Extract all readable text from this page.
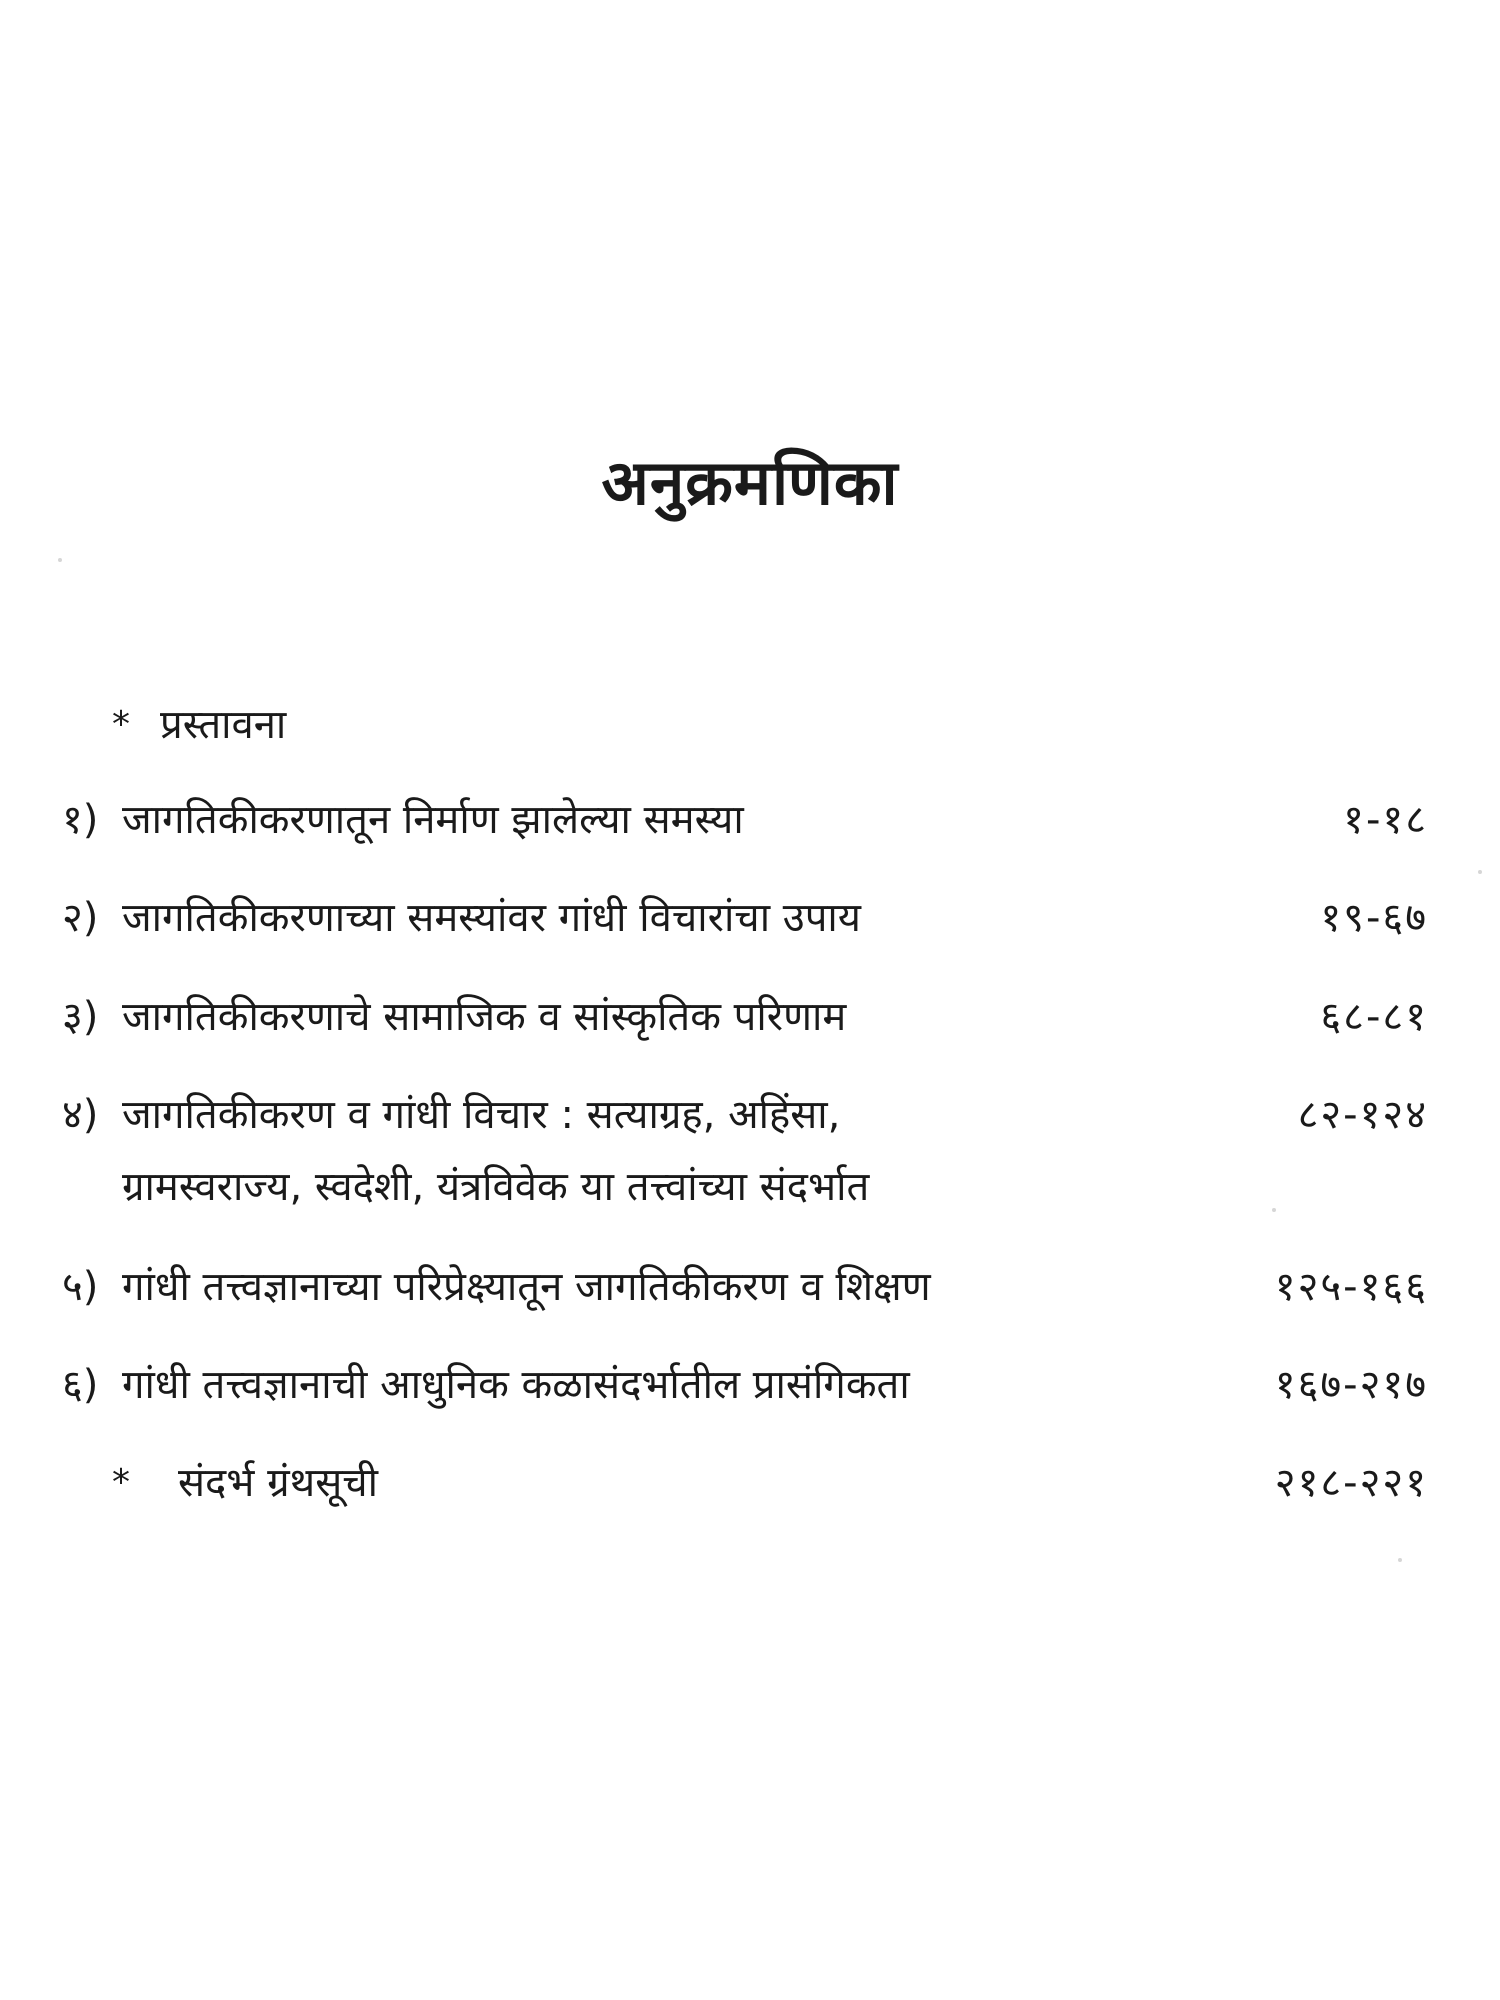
अनुक्रमणिका
* प्रस्तावना
१) जागतिकीकरणातून निर्माण झालेल्या समस्या	१-१८
२) जागतिकीकरणाच्या समस्यांवर गांधी विचारांचा उपाय	१९-६७
३) जागतिकीकरणाचे सामाजिक व सांस्कृतिक परिणाम	६८-८१
४) जागतिकीकरण व गांधी विचार : सत्याग्रह, अहिंसा,	८२-१२४
ग्रामस्वराज्य, स्वदेशी, यंत्रविवेक या तत्त्वांच्या संदर्भात
५) गांधी तत्त्वज्ञानाच्या परिप्रेक्ष्यातून जागतिकीकरण व शिक्षण	१२५-१६६
६) गांधी तत्त्वज्ञानाची आधुनिक कळासंदर्भातील प्रासंगिकता	१६७-२१७
* संदर्भ ग्रंथसूची	२१८-२२१
